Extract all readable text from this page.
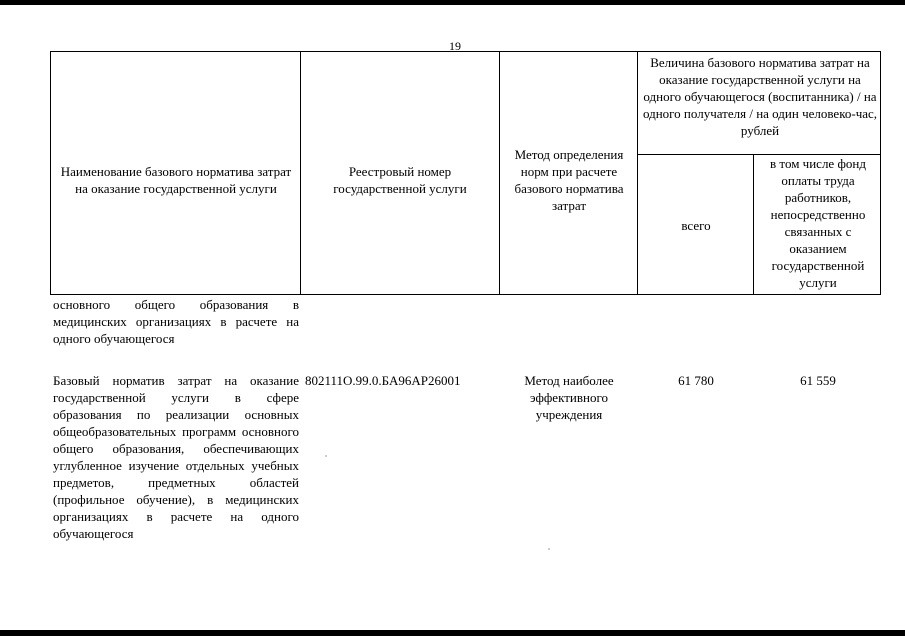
19
Наименование базового норматива затрат на оказание государственной услуги
Реестровый номер государственной услуги
Метод определения норм при расчете базового норматива затрат
Величина базового норматива затрат на оказание государственной услуги на одного обучающегося (воспитанника) / на одного получателя / на один человеко-час, рублей
всего
в том числе фонд оплаты труда работников, непосредственно связанных с оказанием государственной услуги
основного общего образования в медицинских организациях в расчете на одного обучающегося
Базовый норматив затрат на оказание государственной услуги в сфере образования по реализации основных общеобразовательных программ основного общего образования, обеспечивающих углубленное изучение отдельных учебных предметов, предметных областей (профильное обучение), в медицинских организациях в расчете на одного обучающегося
802111О.99.0.БА96АР26001	Метод наиболее эффективного учреждения
61 780	61 559
